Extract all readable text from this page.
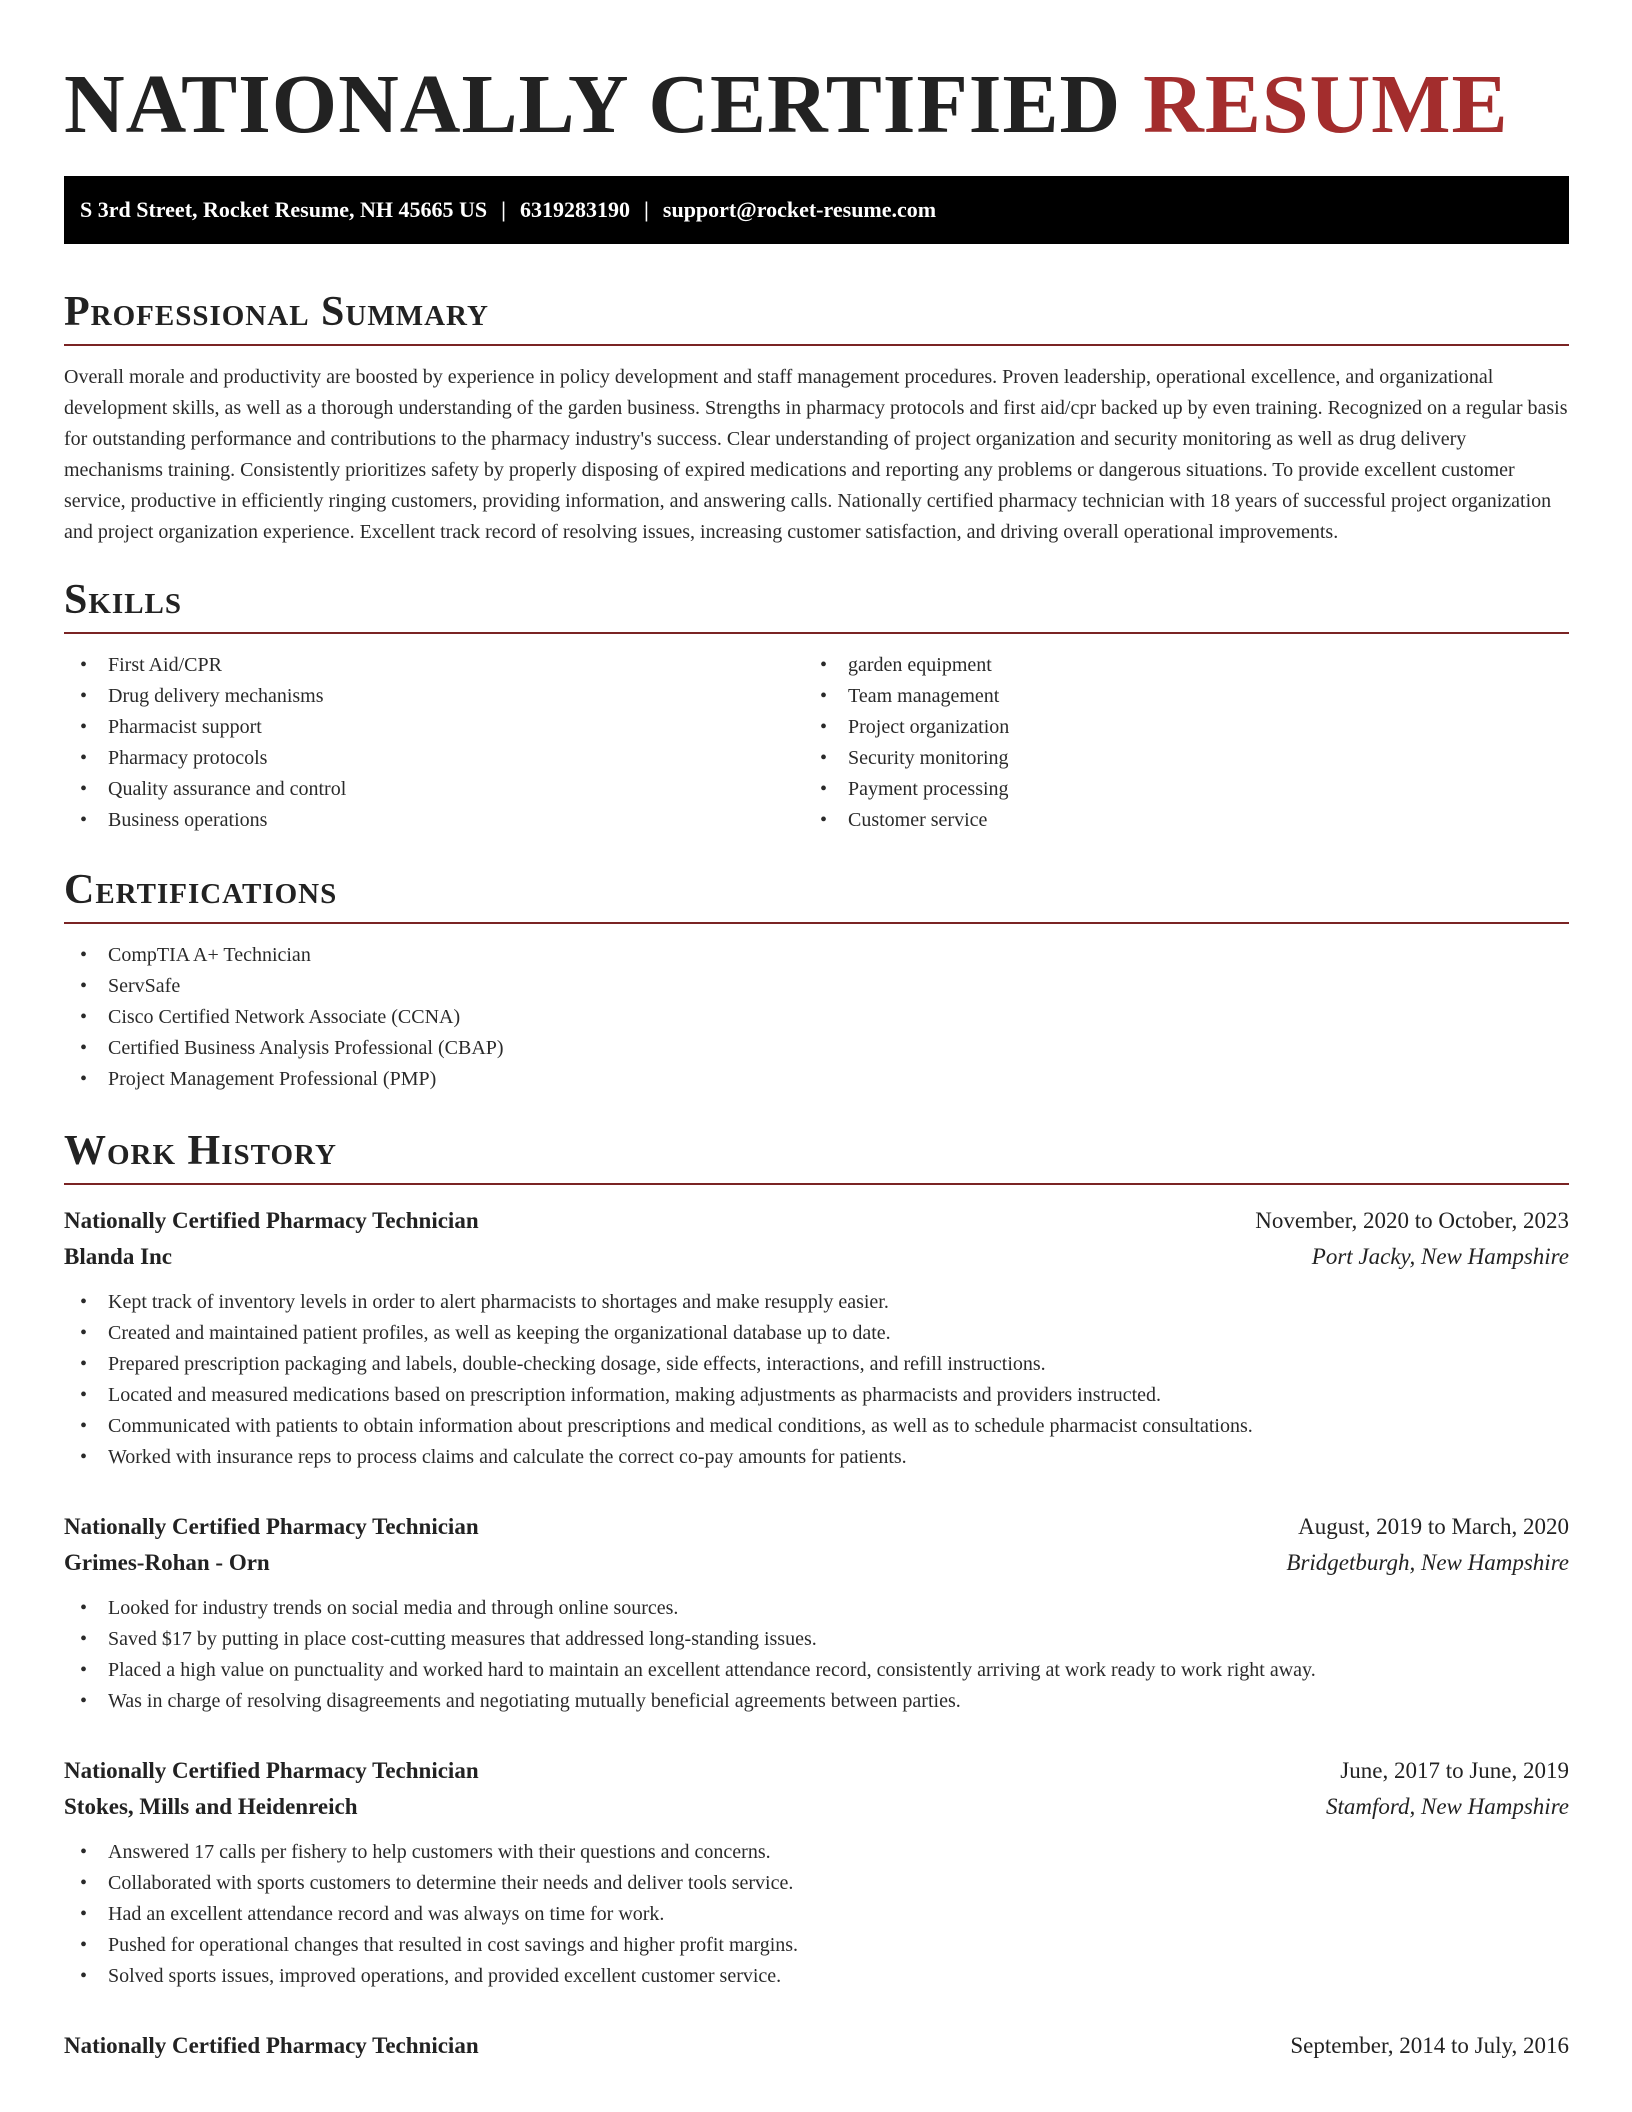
NATIONALLY CERTIFIED RESUME
S 3rd Street, Rocket Resume, NH 45665 US | 6319283190 | support@rocket-resume.com
Professional Summary

Overall morale and productivity are boosted by experience in policy development and staff management procedures. Proven leadership, operational excellence, and organizational development skills, as well as a thorough understanding of the garden business. Strengths in pharmacy protocols and first aid/cpr backed up by even training. Recognized on a regular basis for outstanding performance and contributions to the pharmacy industry's success. Clear understanding of project organization and security monitoring as well as drug delivery mechanisms training. Consistently prioritizes safety by properly disposing of expired medications and reporting any problems or dangerous situations. To provide excellent customer service, productive in efficiently ringing customers, providing information, and answering calls. Nationally certified pharmacy technician with 18 years of successful project organization and project organization experience. Excellent track record of resolving issues, increasing customer satisfaction, and driving overall operational improvements.

Skills
• First Aid/CPR
• Drug delivery mechanisms
• Pharmacist support
• Pharmacy protocols
• Quality assurance and control
• Business operations
• garden equipment
• Team management
• Project organization
• Security monitoring
• Payment processing
• Customer service
Certifications
• CompTIA A+ Technician
• ServSafe
• Cisco Certified Network Associate (CCNA)
• Certified Business Analysis Professional (CBAP)
• Project Management Professional (PMP)
Work History
Nationally Certified Pharmacy Technician	November, 2020 to October, 2023
Blanda Inc	Port Jacky, New Hampshire
• Kept track of inventory levels in order to alert pharmacists to shortages and make resupply easier.
• Created and maintained patient profiles, as well as keeping the organizational database up to date.
• Prepared prescription packaging and labels, double-checking dosage, side effects, interactions, and refill instructions.
• Located and measured medications based on prescription information, making adjustments as pharmacists and providers instructed.
• Communicated with patients to obtain information about prescriptions and medical conditions, as well as to schedule pharmacist consultations.
• Worked with insurance reps to process claims and calculate the correct co-pay amounts for patients.
Nationally Certified Pharmacy Technician	August, 2019 to March, 2020
Grimes-Rohan - Orn	Bridgetburgh, New Hampshire
• Looked for industry trends on social media and through online sources.
• Saved $17 by putting in place cost-cutting measures that addressed long-standing issues.
• Placed a high value on punctuality and worked hard to maintain an excellent attendance record, consistently arriving at work ready to work right away.
• Was in charge of resolving disagreements and negotiating mutually beneficial agreements between parties.
Nationally Certified Pharmacy Technician	June, 2017 to June, 2019
Stokes, Mills and Heidenreich	Stamford, New Hampshire
• Answered 17 calls per fishery to help customers with their questions and concerns.
• Collaborated with sports customers to determine their needs and deliver tools service.
• Had an excellent attendance record and was always on time for work.
• Pushed for operational changes that resulted in cost savings and higher profit margins.
• Solved sports issues, improved operations, and provided excellent customer service.
Nationally Certified Pharmacy Technician	September, 2014 to July, 2016
